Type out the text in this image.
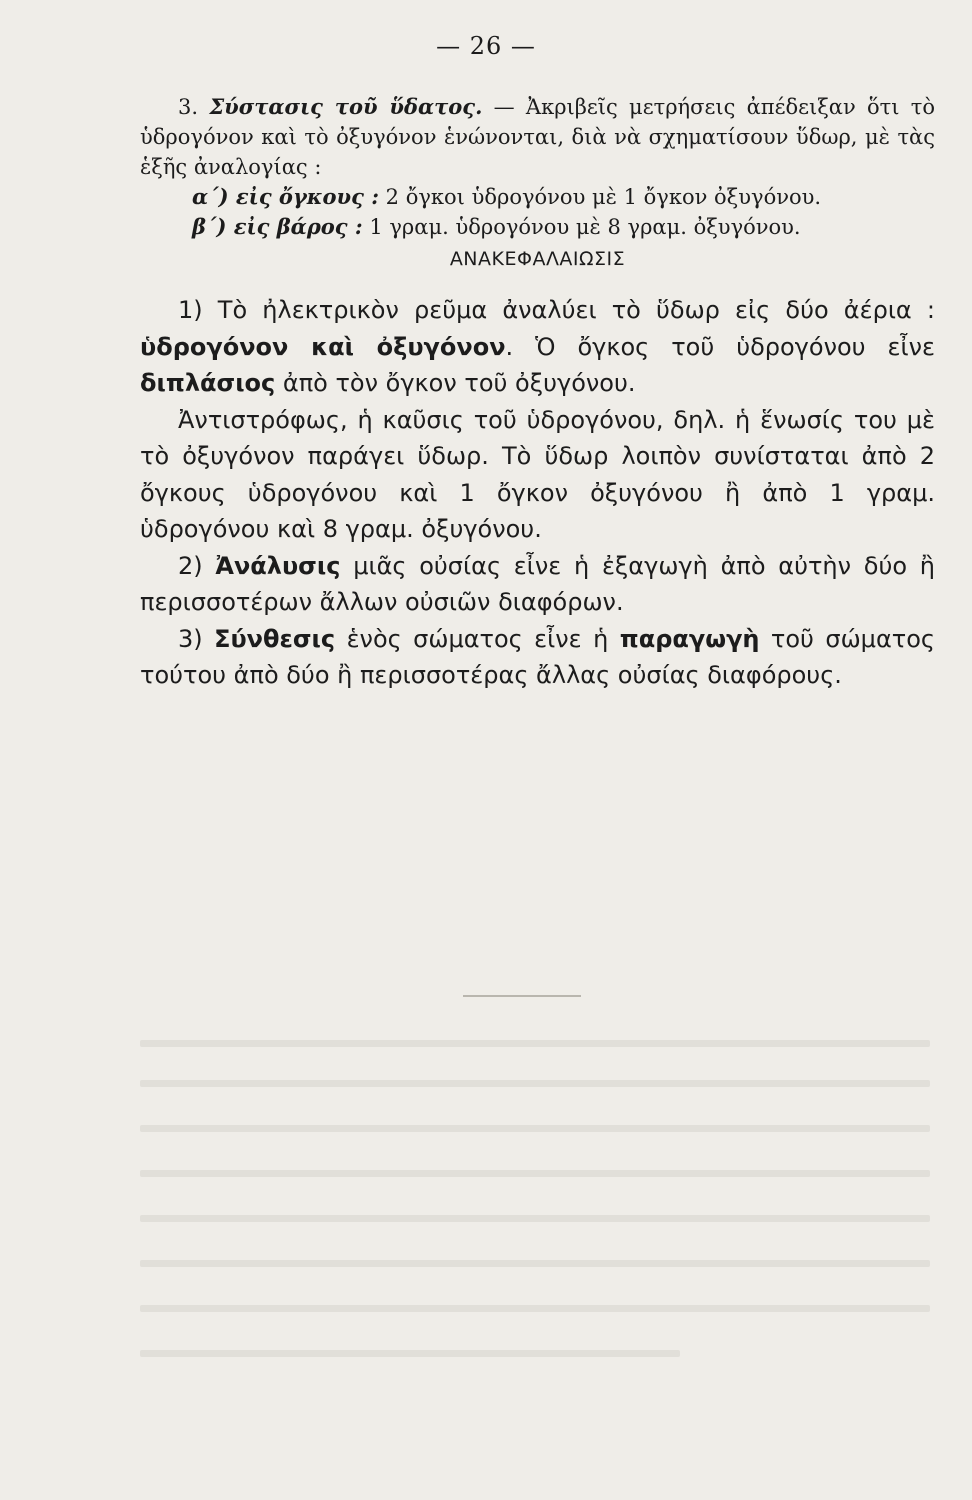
— 26 —

3. Σύστασις τοῦ ὕδατος. — Ἀκριβεῖς μετρήσεις ἀπέδειξαν ὅτι τὸ ὑδρογόνον καὶ τὸ ὀξυγόνον ἑνώνονται, διὰ νὰ σχηματίσουν ὕδωρ, μὲ τὰς ἑξῆς ἀναλογίας :

α΄) εἰς ὄγκους : 2 ὄγκοι ὑδρογόνου μὲ 1 ὄγκον ὀξυγόνου.

β΄) εἰς βάρος : 1 γραμ. ὑδρογόνου μὲ 8 γραμ. ὀξυγόνου.

ΑΝΑΚΕΦΑΛΑΙΩΣΙΣ

1) Τὸ ἠλεκτρικὸν ρεῦμα ἀναλύει τὸ ὕδωρ εἰς δύο ἀέρια : ὑδρογόνον καὶ ὀξυγόνον. Ὁ ὄγκος τοῦ ὑδρογόνου εἶνε διπλάσιος ἀπὸ τὸν ὄγκον τοῦ ὀξυγόνου.

Ἀντιστρόφως, ἡ καῦσις τοῦ ὑδρογόνου, δηλ. ἡ ἕνωσίς του μὲ τὸ ὀξυγόνον παράγει ὕδωρ. Τὸ ὕδωρ λοιπὸν συνίσταται ἀπὸ 2 ὄγκους ὑδρογόνου καὶ 1 ὄγκον ὀξυγόνου ἢ ἀπὸ 1 γραμ. ὑδρογόνου καὶ 8 γραμ. ὀξυγόνου.

2) Ἀνάλυσις μιᾶς οὐσίας εἶνε ἡ ἐξαγωγὴ ἀπὸ αὐτὴν δύο ἢ περισσοτέρων ἄλλων οὐσιῶν διαφόρων.

3) Σύνθεσις ἑνὸς σώματος εἶνε ἡ παραγωγὴ τοῦ σώματος τούτου ἀπὸ δύο ἢ περισσοτέρας ἄλλας οὐσίας διαφόρους.
